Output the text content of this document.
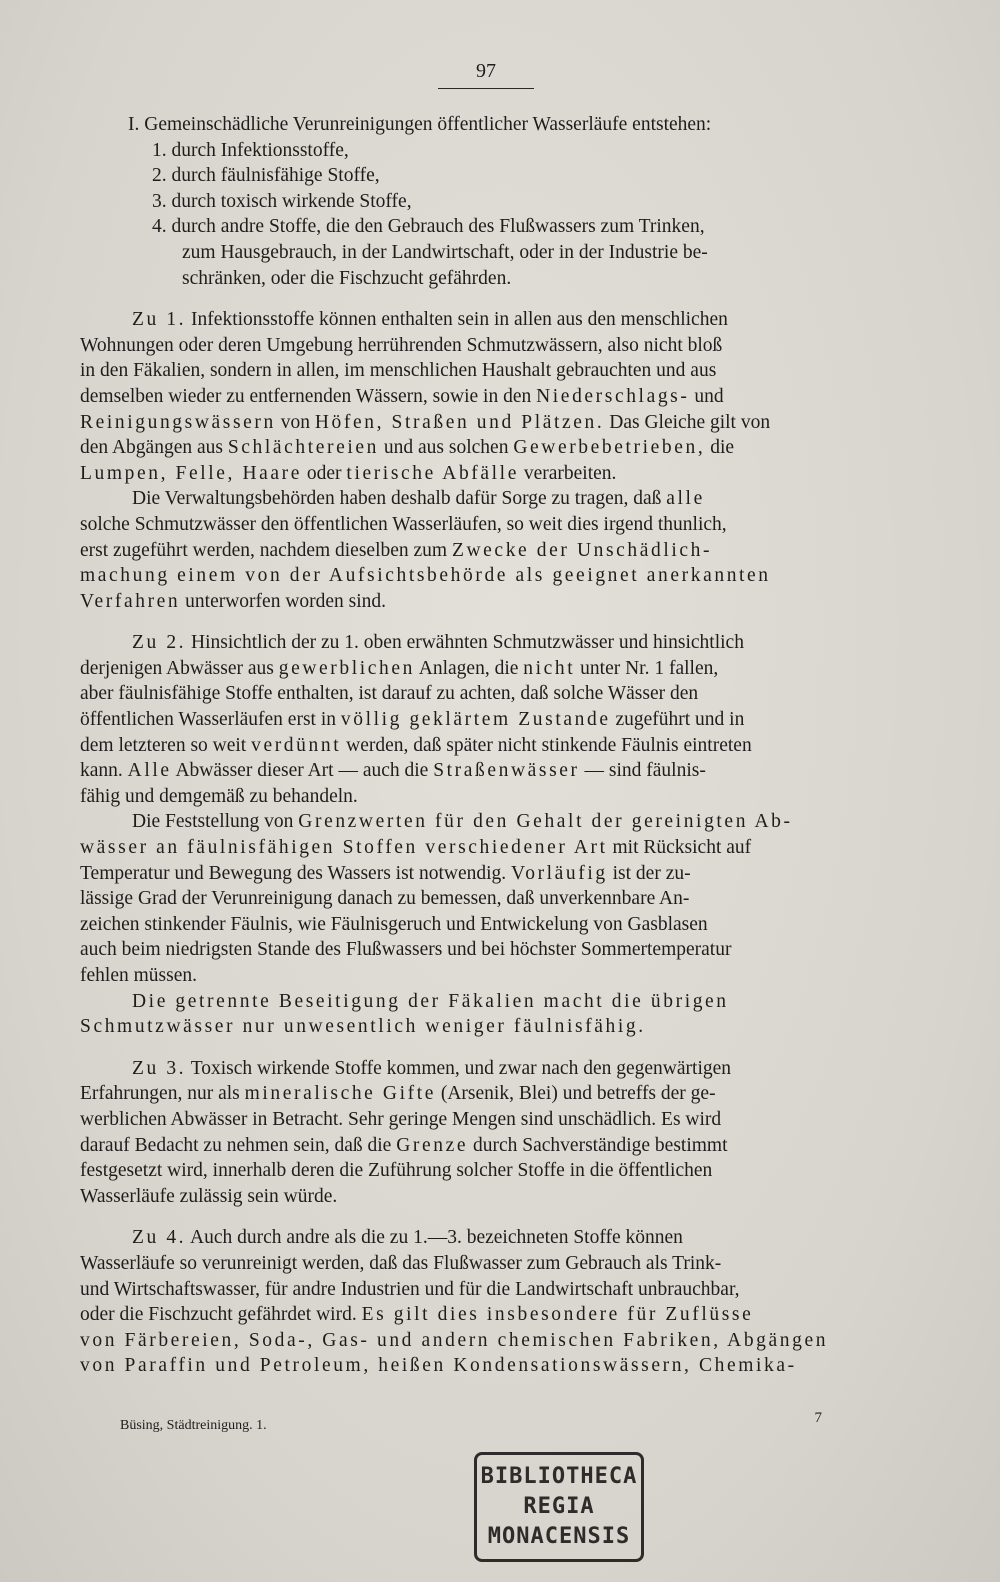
97
I. Gemeinschädliche Verunreinigungen öffentlicher Wasserläufe entstehen:
1. durch Infektionsstoffe,
2. durch fäulnisfähige Stoffe,
3. durch toxisch wirkende Stoffe,
4. durch andre Stoffe, die den Gebrauch des Flußwassers zum Trinken,
zum Hausgebrauch, in der Landwirtschaft, oder in der Industrie be-
schränken, oder die Fischzucht gefährden.
Zu 1. Infektionsstoffe können enthalten sein in allen aus den menschlichen
Wohnungen oder deren Umgebung herrührenden Schmutzwässern, also nicht bloß
in den Fäkalien, sondern in allen, im menschlichen Haushalt gebrauchten und aus
demselben wieder zu entfernenden Wässern, sowie in den Niederschlags- und
Reinigungswässern von Höfen, Straßen und Plätzen. Das Gleiche gilt von
den Abgängen aus Schlächtereien und aus solchen Gewerbebetrieben, die
Lumpen, Felle, Haare oder tierische Abfälle verarbeiten.
Die Verwaltungsbehörden haben deshalb dafür Sorge zu tragen, daß alle
solche Schmutzwässer den öffentlichen Wasserläufen, so weit dies irgend thunlich,
erst zugeführt werden, nachdem dieselben zum Zwecke der Unschädlich-
machung einem von der Aufsichtsbehörde als geeignet anerkannten
Verfahren unterworfen worden sind.
Zu 2. Hinsichtlich der zu 1. oben erwähnten Schmutzwässer und hinsichtlich
derjenigen Abwässer aus gewerblichen Anlagen, die nicht unter Nr. 1 fallen,
aber fäulnisfähige Stoffe enthalten, ist darauf zu achten, daß solche Wässer den
öffentlichen Wasserläufen erst in völlig geklärtem Zustande zugeführt und in
dem letzteren so weit verdünnt werden, daß später nicht stinkende Fäulnis eintreten
kann. Alle Abwässer dieser Art — auch die Straßenwässer — sind fäulnis-
fähig und demgemäß zu behandeln.
Die Feststellung von Grenzwerten für den Gehalt der gereinigten Ab-
wässer an fäulnisfähigen Stoffen verschiedener Art mit Rücksicht auf
Temperatur und Bewegung des Wassers ist notwendig. Vorläufig ist der zu-
lässige Grad der Verunreinigung danach zu bemessen, daß unverkennbare An-
zeichen stinkender Fäulnis, wie Fäulnisgeruch und Entwickelung von Gasblasen
auch beim niedrigsten Stande des Flußwassers und bei höchster Sommertemperatur
fehlen müssen.
Die getrennte Beseitigung der Fäkalien macht die übrigen
Schmutzwässer nur unwesentlich weniger fäulnisfähig.
Zu 3. Toxisch wirkende Stoffe kommen, und zwar nach den gegenwärtigen
Erfahrungen, nur als mineralische Gifte (Arsenik, Blei) und betreffs der ge-
werblichen Abwässer in Betracht. Sehr geringe Mengen sind unschädlich. Es wird
darauf Bedacht zu nehmen sein, daß die Grenze durch Sachverständige bestimmt
festgesetzt wird, innerhalb deren die Zuführung solcher Stoffe in die öffentlichen
Wasserläufe zulässig sein würde.
Zu 4. Auch durch andre als die zu 1.—3. bezeichneten Stoffe können
Wasserläufe so verunreinigt werden, daß das Flußwasser zum Gebrauch als Trink-
und Wirtschaftswasser, für andre Industrien und für die Landwirtschaft unbrauchbar,
oder die Fischzucht gefährdet wird. Es gilt dies insbesondere für Zuflüsse
von Färbereien, Soda-, Gas- und andern chemischen Fabriken, Abgängen
von Paraffin und Petroleum, heißen Kondensationswässern, Chemika-
Büsing, Städtreinigung. 1.	7
BIBLIOTHECA
REGIA
MONACENSIS
